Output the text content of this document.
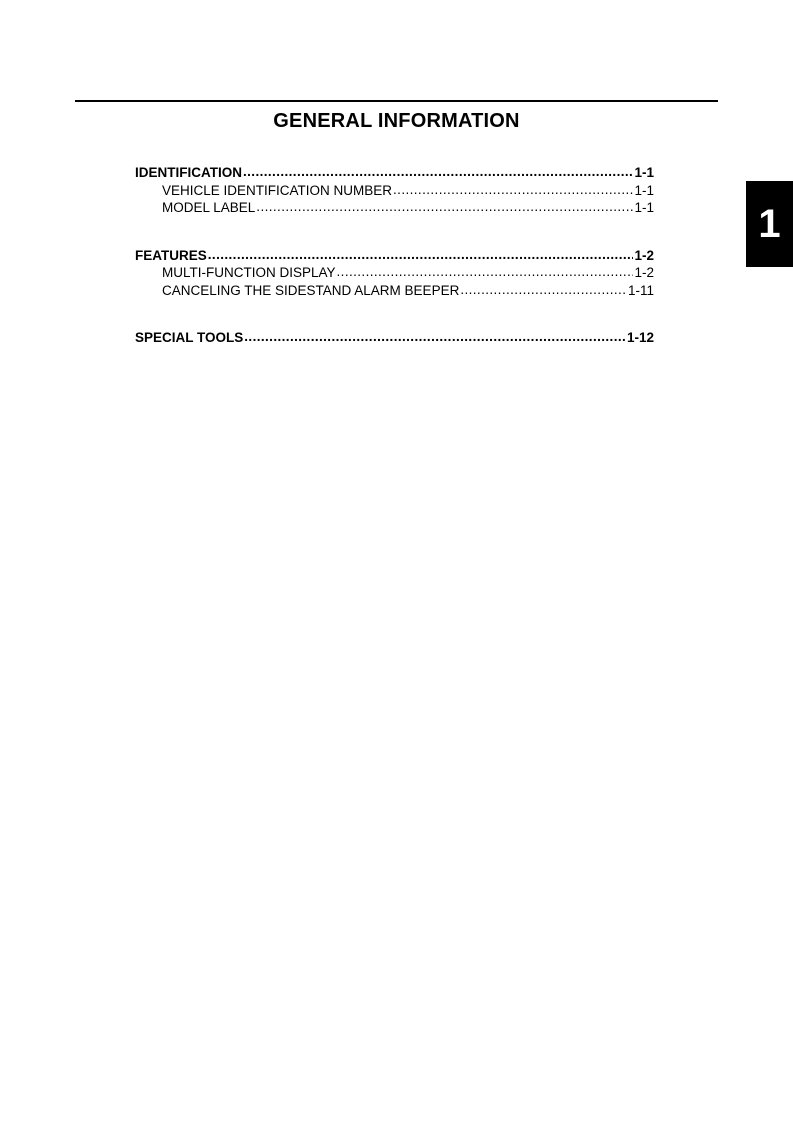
GENERAL INFORMATION
1
IDENTIFICATION .....	1-1
VEHICLE IDENTIFICATION NUMBER .....	1-1
MODEL LABEL .....	1-1
FEATURES .....	1-2
MULTI-FUNCTION DISPLAY .....	1-2
CANCELING THE SIDESTAND ALARM BEEPER .....	1-11
SPECIAL TOOLS .....	1-12
